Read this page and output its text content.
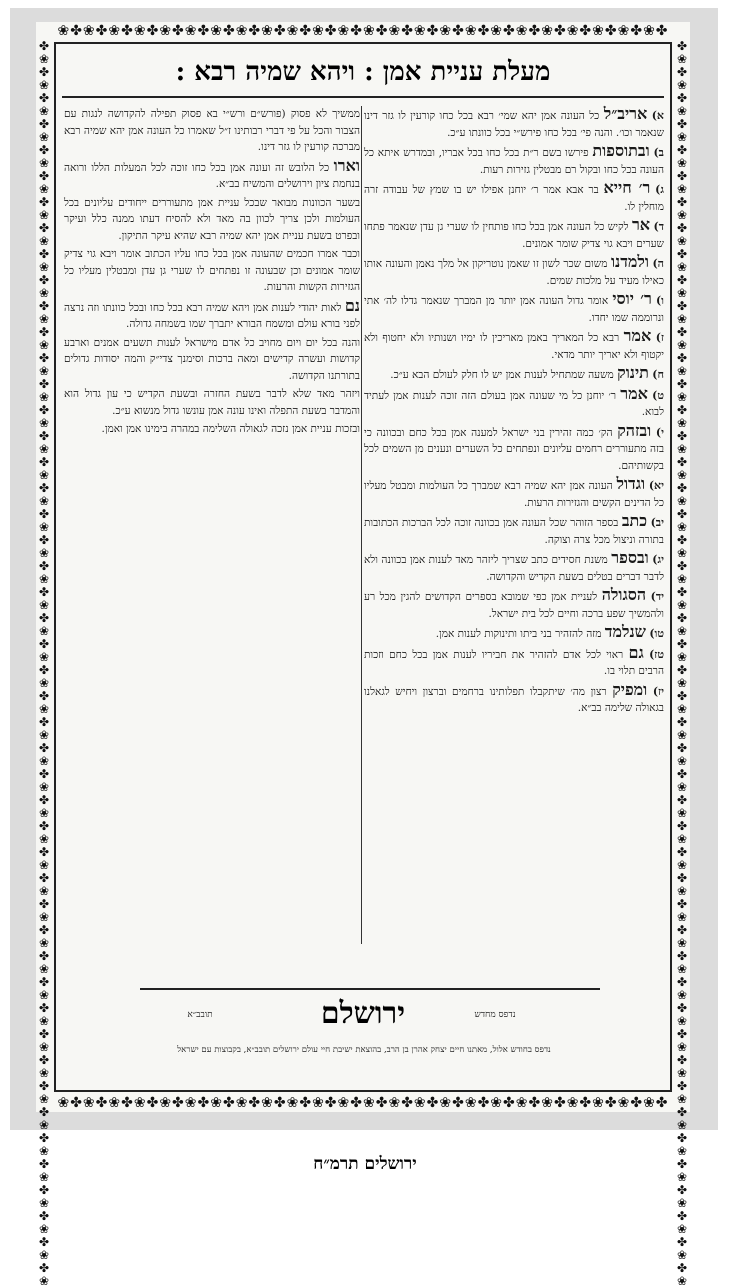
❀✤❀✤❀✤❀✤❀✤❀✤❀✤❀✤❀✤❀✤❀✤❀✤❀✤❀✤❀✤❀✤❀✤❀✤❀✤❀✤❀✤❀✤❀✤❀✤
❀✤❀✤❀✤❀✤❀✤❀✤❀✤❀✤❀✤❀✤❀✤❀✤❀✤❀✤❀✤❀✤❀✤❀✤❀✤❀✤❀✤❀✤❀✤❀✤
✤❀✤❀✤❀✤❀✤❀✤❀✤❀✤❀✤❀✤❀✤❀✤❀✤❀✤❀✤❀✤❀✤❀✤❀✤❀✤❀✤❀✤❀✤❀✤❀✤❀✤❀✤❀✤❀✤❀✤❀✤❀✤❀✤❀✤❀✤❀✤❀✤❀✤❀✤❀✤❀✤❀✤❀✤❀✤❀✤❀✤❀✤❀✤❀
✤❀✤❀✤❀✤❀✤❀✤❀✤❀✤❀✤❀✤❀✤❀✤❀✤❀✤❀✤❀✤❀✤❀✤❀✤❀✤❀✤❀✤❀✤❀✤❀✤❀✤❀✤❀✤❀✤❀✤❀✤❀✤❀✤❀✤❀✤❀✤❀✤❀✤❀✤❀✤❀✤❀✤❀✤❀✤❀✤❀✤❀✤❀✤❀
מעלת עניית אמן : ויהא שמיה רבא :

א) אריב״ל כל העונה אמן יהא שמי׳ רבא בכל כחו קורעין לו גזר דינו שנאמר וכו׳. והנה פי׳ בכל כחו פירש״י בכל כוונתו ע״כ.

ב) ובתוספות פירשו בשם ר״ת בכל כחו בכל אבריו, ובמדרש איתא כל העונה בכל כחו ובקול רם מבטלין גזירות רעות.

ג) ר׳ חייא בר אבא אמר ר׳ יוחנן אפילו יש בו שמץ של עבודה זרה מוחלין לו.

ד) אר לקיש כל העונה אמן בכל כחו פותחין לו שערי גן עדן שנאמר פתחו שערים ויבא גוי צדיק שומר אמונים.

ה) ולמדנו משום שכר לשון זו שאמן נוטריקון אל מלך נאמן והעונה אותו כאילו מעיד על מלכות שמים.

ו) ר׳ יוסי אומר גדול העונה אמן יותר מן המברך שנאמר גדלו לה׳ אתי ונרוממה שמו יחדו.

ז) אמר רבא כל המאריך באמן מאריכין לו ימיו ושנותיו ולא יחטוף ולא יקטוף ולא יאריך יותר מדאי.

ח) תינוק משעה שמתחיל לענות אמן יש לו חלק לעולם הבא ע״כ.

ט) אמר ר׳ יוחנן כל מי שעונה אמן בעולם הזה זוכה לענות אמן לעתיד לבוא.

י) ובזהק הק׳ כמה זהירין בני ישראל למענה אמן בכל כחם ובכוונה כי בזה מתעוררים רחמים עליונים ונפתחים כל השערים ונענים מן השמים לכל בקשותיהם.

יא) וגדול העונה אמן יהא שמיה רבא שמברך כל העולמות ומבטל מעליו כל הדינים הקשים והגזירות הרעות.

יב) כתב בספר הזוהר שכל העונה אמן בכוונה זוכה לכל הברכות הכתובות בתורה וניצול מכל צרה וצוקה.

יג) ובספר משנת חסידים כתב שצריך ליזהר מאד לענות אמן בכוונה ולא לדבר דברים בטלים בשעת הקדיש והקדושה.

יד) הסגולה לעניית אמן כפי שמובא בספרים הקדושים להגין מכל רע ולהמשיך שפע ברכה וחיים לכל בית ישראל.

טו) שנלמד מזה להזהיר בני ביתו ותינוקות לענות אמן.

טז) גם ראוי לכל אדם להזהיר את חביריו לענות אמן בכל כחם וזכות הרבים תלוי בו.

יז) ומפיק רצון מה׳ שיתקבלו תפלותינו ברחמים וברצון ויחיש לגאלנו בגאולה שלימה בב״א.

ממשיך לא פסוק (פורש״ם ורש״י בא פסוק תפילה להקדושה לנגות עם הצבור והכל על פי דברי רבותינו ז״ל שאמרו כל העונה אמן יהא שמיה רבא מברכה קורעין לו גזר דינו.

וארו כל הלובש זה ועונה אמן בכל כחו זוכה לכל המעלות הללו ורואה בנחמת ציון וירושלים והמשיח בב״א.

בשער הכוונות מבואר שבכל עניית אמן מתעוררים ייחודים עליונים בכל העולמות ולכן צריך לכוון בה מאד ולא להסיח דעתו ממנה כלל ועיקר ובפרט בשעת עניית אמן יהא שמיה רבא שהיא עיקר התיקון.

וכבר אמרו חכמים שהעונה אמן בכל כחו עליו הכתוב אומר ויבא גוי צדיק שומר אמונים וכן שבעונה זו נפתחים לו שערי גן עדן ומבטלין מעליו כל הגזירות הקשות והרעות.

נם לאות יהודי לענות אמן ויהא שמיה רבא בכל כחו ובכל כוונתו וזה נרצה לפני בורא עולם ומשמח הבורא יתברך שמו בשמחה גדולה.

והנה בכל יום ויום מחויב כל אדם מישראל לענות תשעים אמנים וארבע קדושות ועשרה קדישים ומאה ברכות וסימנך צדי״ק והמה יסודות גדולים בתורתנו הקדושה.

ויזהר מאד שלא לדבר בשעת החזרה ובשעת הקדיש כי עון גדול הוא והמדבר בשעת התפלה ואינו עונה אמן עונשו גדול מנשוא ע״כ.

ובזכות עניית אמן נזכה לגאולה השלימה במהרה בימינו אמן ואמן.

נדפס מחדש
ירושלם
תובב״א
נדפס בחודש אלול, מאתנו חיים יצחק אהרן בן הרב, בהוצאת ישיבת חיי עולם ירושלים תובב״א, בקבוצות עם ישראל
ירושלים תרמ״ח
